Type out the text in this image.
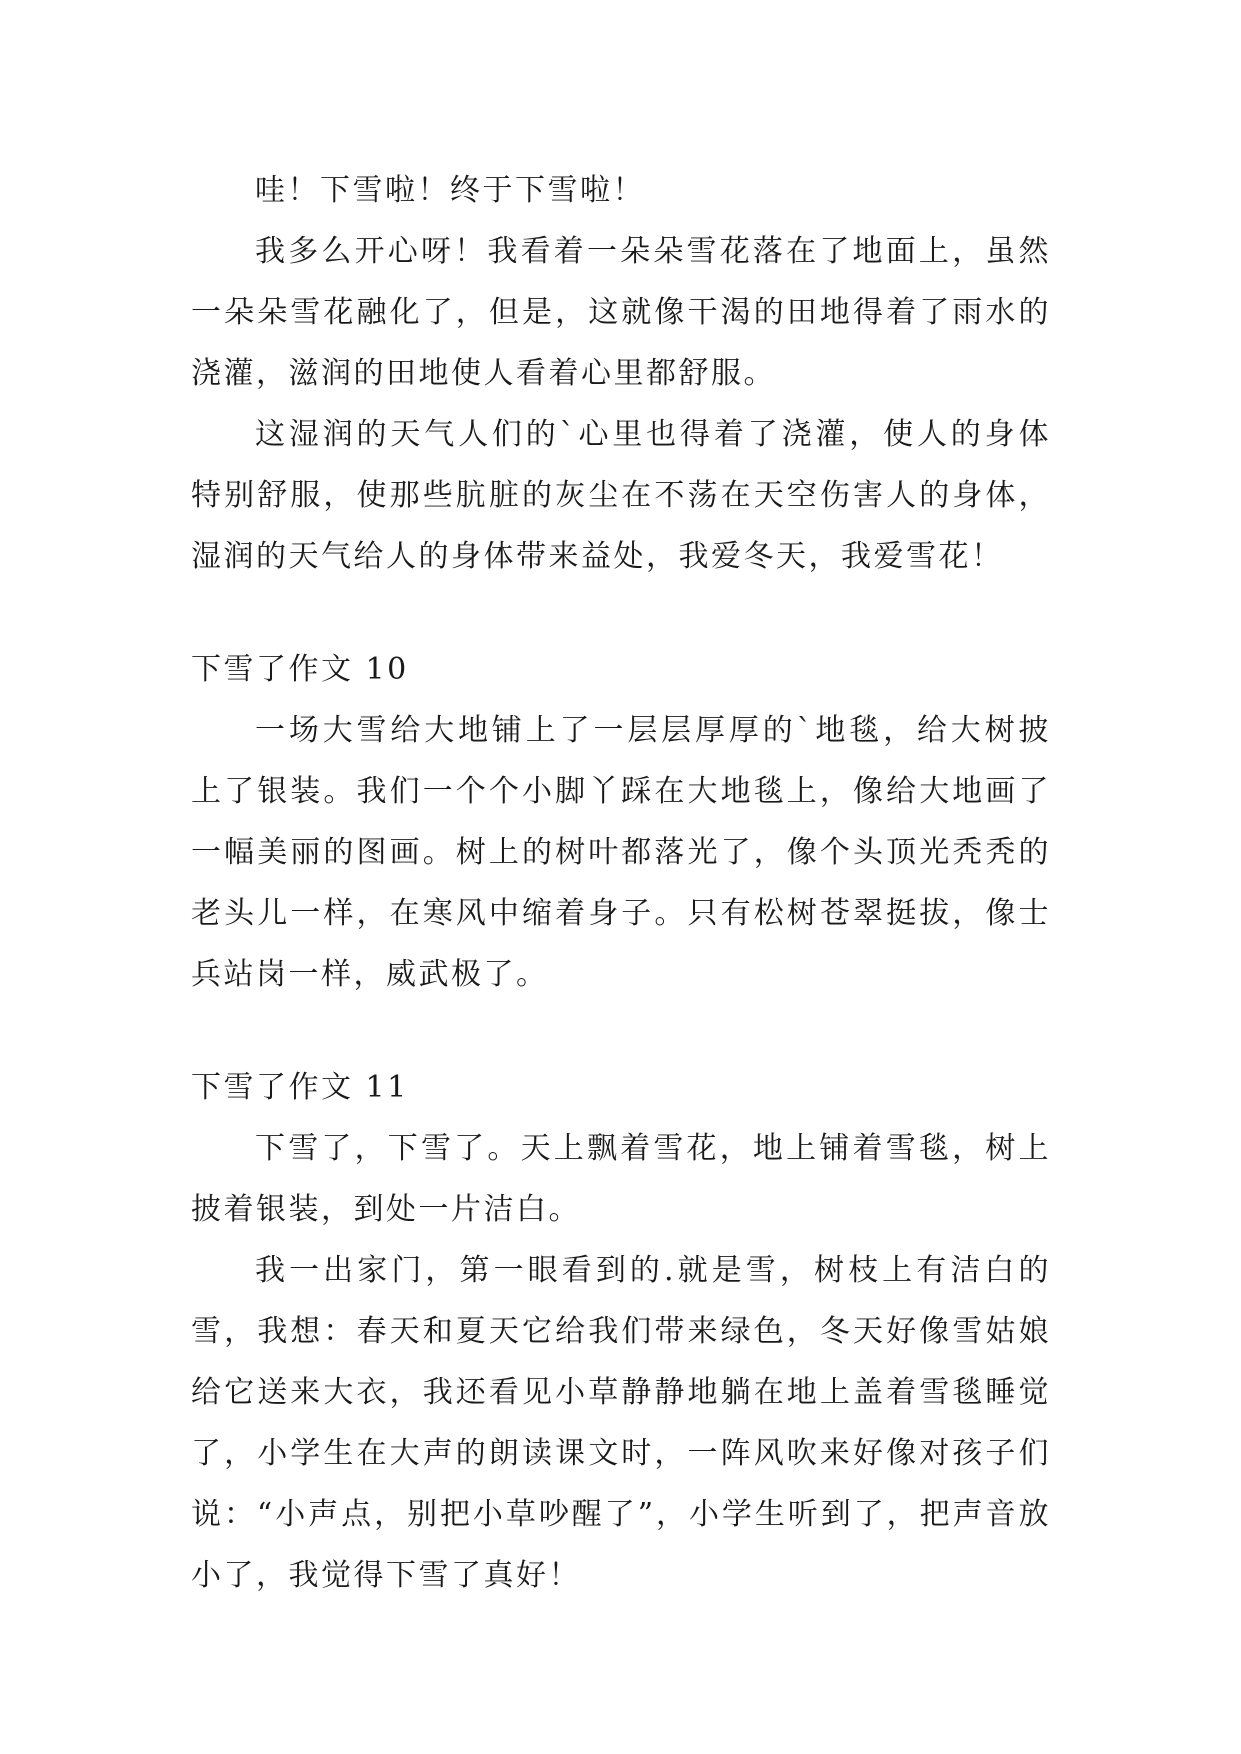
哇！下雪啦！终于下雪啦！

我多么开心呀！我看着一朵朵雪花落在了地面上，虽然一朵朵雪花融化了，但是，这就像干渴的田地得着了雨水的浇灌，滋润的田地使人看着心里都舒服。

这湿润的天气人们的`心里也得着了浇灌，使人的身体特别舒服，使那些肮脏的灰尘在不荡在天空伤害人的身体，湿润的天气给人的身体带来益处，我爱冬天，我爱雪花！

下雪了作文 10

一场大雪给大地铺上了一层层厚厚的`地毯，给大树披上了银装。我们一个个小脚丫踩在大地毯上，像给大地画了一幅美丽的图画。树上的树叶都落光了，像个头顶光秃秃的老头儿一样，在寒风中缩着身子。只有松树苍翠挺拔，像士兵站岗一样，威武极了。

下雪了作文 11

下雪了，下雪了。天上飘着雪花，地上铺着雪毯，树上披着银装，到处一片洁白。

我一出家门，第一眼看到的.就是雪，树枝上有洁白的雪，我想：春天和夏天它给我们带来绿色，冬天好像雪姑娘给它送来大衣，我还看见小草静静地躺在地上盖着雪毯睡觉了，小学生在大声的朗读课文时，一阵风吹来好像对孩子们说：“小声点，别把小草吵醒了”，小学生听到了，把声音放小了，我觉得下雪了真好！
